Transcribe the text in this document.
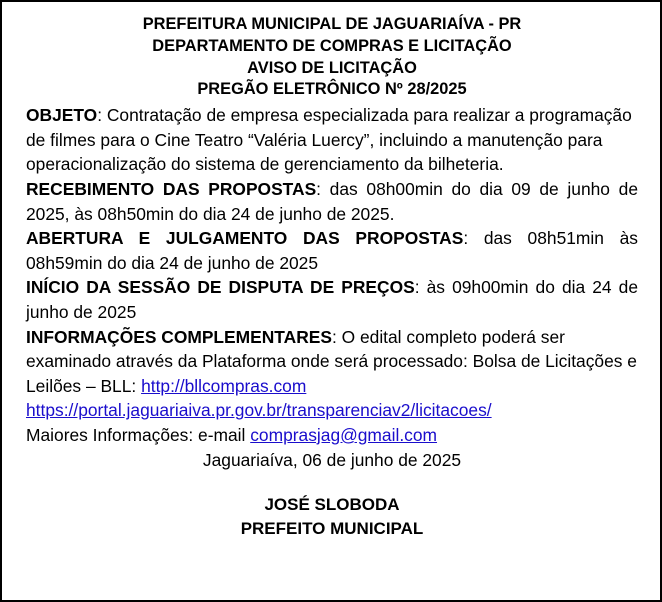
PREFEITURA MUNICIPAL DE JAGUARIAÍVA - PR
DEPARTAMENTO DE COMPRAS E LICITAÇÃO
AVISO DE LICITAÇÃO
PREGÃO ELETRÔNICO Nº 28/2025

OBJETO: Contratação de empresa especializada para realizar a programação de filmes para o Cine Teatro “Valéria Luercy”, incluindo a manutenção para operacionalização do sistema de gerenciamento da bilheteria.

RECEBIMENTO DAS PROPOSTAS: das 08h00min do dia 09 de junho de 2025, às 08h50min do dia 24 de junho de 2025.

ABERTURA E JULGAMENTO DAS PROPOSTAS: das 08h51min às 08h59min do dia 24 de junho de 2025

INÍCIO DA SESSÃO DE DISPUTA DE PREÇOS: às 09h00min do dia 24 de junho de 2025

INFORMAÇÕES COMPLEMENTARES: O edital completo poderá ser examinado através da Plataforma onde será processado: Bolsa de Licitações e Leilões – BLL: http://bllcompras.com
https://portal.jaguariaiva.pr.gov.br/transparenciav2/licitacoes/

Maiores Informações: e-mail comprasjag@gmail.com

Jaguariaíva, 06 de junho de 2025

JOSÉ SLOBODA
PREFEITO MUNICIPAL
